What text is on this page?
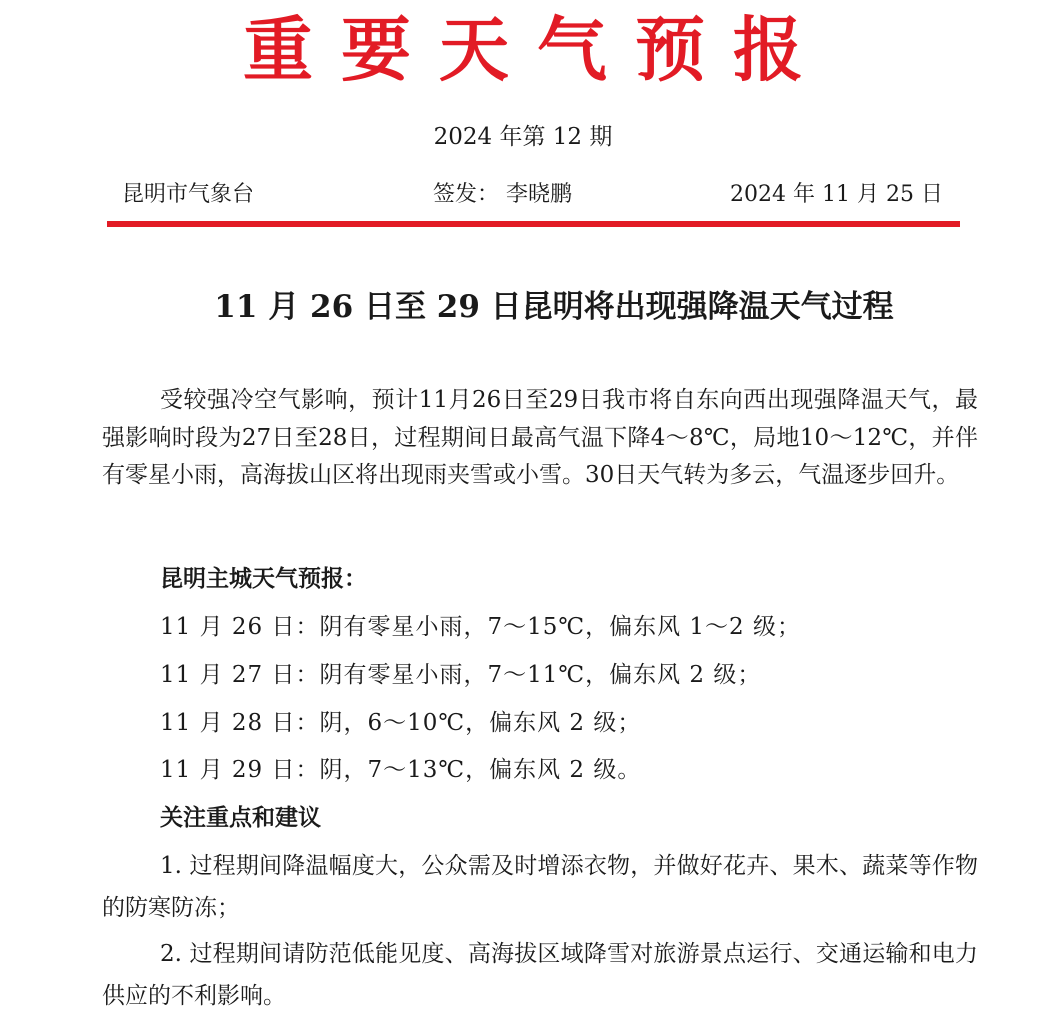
重要天气预报
2024 年第 12 期
昆明市气象台	签发： 李晓鹏	2024 年 11 月 25 日
11 月 26 日至 29 日昆明将出现强降温天气过程

受较强冷空气影响，预计11月26日至29日我市将自东向西出现强降温天气，最强影响时段为27日至28日，过程期间日最高气温下降4～8℃，局地10～12℃，并伴有零星小雨，高海拔山区将出现雨夹雪或小雪。30日天气转为多云，气温逐步回升。

昆明主城天气预报：
11 月 26 日：阴有零星小雨，7～15℃，偏东风 1～2 级；
11 月 27 日：阴有零星小雨，7～11℃，偏东风 2 级；
11 月 28 日：阴，6～10℃，偏东风 2 级；
11 月 29 日：阴，7～13℃，偏东风 2 级。
关注重点和建议

1. 过程期间降温幅度大，公众需及时增添衣物，并做好花卉、果木、蔬菜等作物的防寒防冻；

2. 过程期间请防范低能见度、高海拔区域降雪对旅游景点运行、交通运输和电力供应的不利影响。
